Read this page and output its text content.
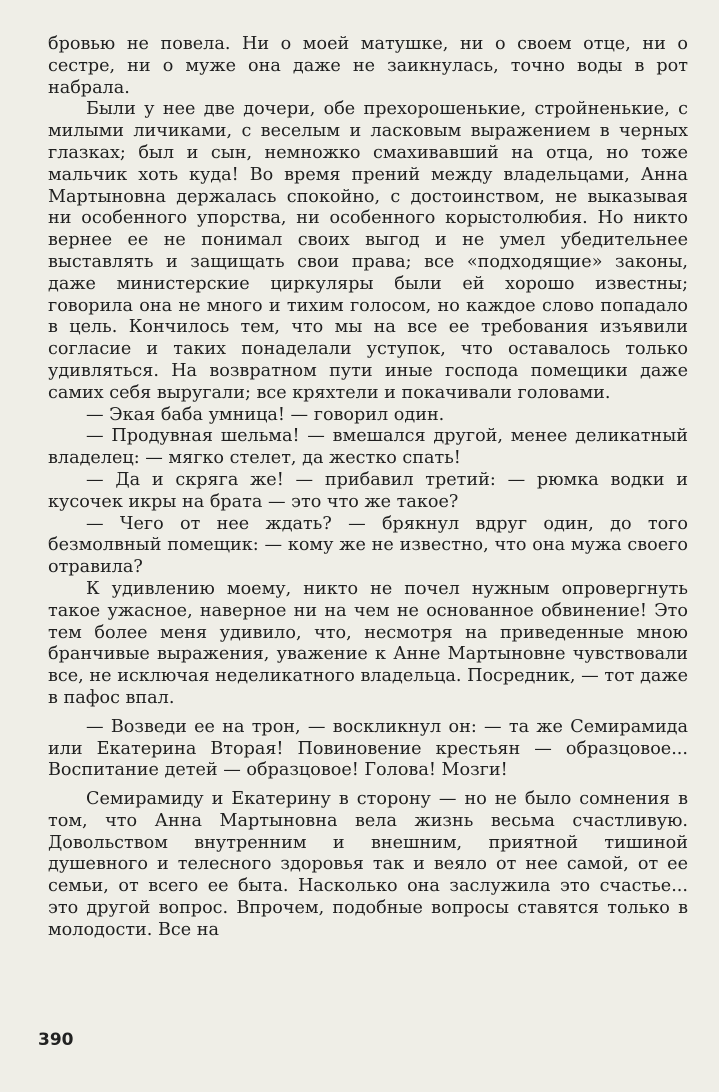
бровью не повела. Ни о моей матушке, ни о своем отце, ни о сестре, ни о муже она даже не заикнулась, точно воды в рот набрала.

Были у нее две дочери, обе прехорошенькие, стройненькие, с милыми личиками, с веселым и ласковым выражением в черных глазках; был и сын, немножко смахивавший на отца, но тоже мальчик хоть куда! Во время прений между владельцами, Анна Мартыновна держалась спокойно, с достоинством, не выказывая ни особенного упорства, ни особенного корыстолюбия. Но никто вернее ее не понимал своих выгод и не умел убедительнее выставлять и защищать свои права; все «подходящие» законы, даже министерские циркуляры были ей хорошо известны; говорила она не много и тихим голосом, но каждое слово попадало в цель. Кончилось тем, что мы на все ее требования изъявили согласие и таких понаделали уступок, что оставалось только удивляться. На возвратном пути иные господа помещики даже самих себя выругали; все кряхтели и покачивали головами.

— Экая баба умница! — говорил один.

— Продувная шельма! — вмешался другой, менее деликатный владелец: — мягко стелет, да жестко спать!

— Да и скряга же! — прибавил третий: — рюмка водки и кусочек икры на брата — это что же такое?

— Чего от нее ждать? — брякнул вдруг один, до того безмолвный помещик: — кому же не известно, что она мужа своего отравила?

К удивлению моему, никто не почел нужным опровергнуть такое ужасное, наверное ни на чем не основанное обвинение! Это тем более меня удивило, что, несмотря на приведенные мною бранчивые выражения, уважение к Анне Мартыновне чувствовали все, не исключая неделикатного владельца. Посредник, — тот даже в пафос впал.

— Возведи ее на трон, — воскликнул он: — та же Семирамида или Екатерина Вторая! Повиновение крестьян — образцовое... Воспитание детей — образцовое! Голова! Мозги!

Семирамиду и Екатерину в сторону — но не было сомнения в том, что Анна Мартыновна вела жизнь весьма счастливую. Довольством внутренним и внешним, приятной тишиной душевного и телесного здоровья так и веяло от нее самой, от ее семьи, от всего ее быта. Насколько она заслужила это счастье... это другой вопрос. Впрочем, подобные вопросы ставятся только в молодости. Все на

390
